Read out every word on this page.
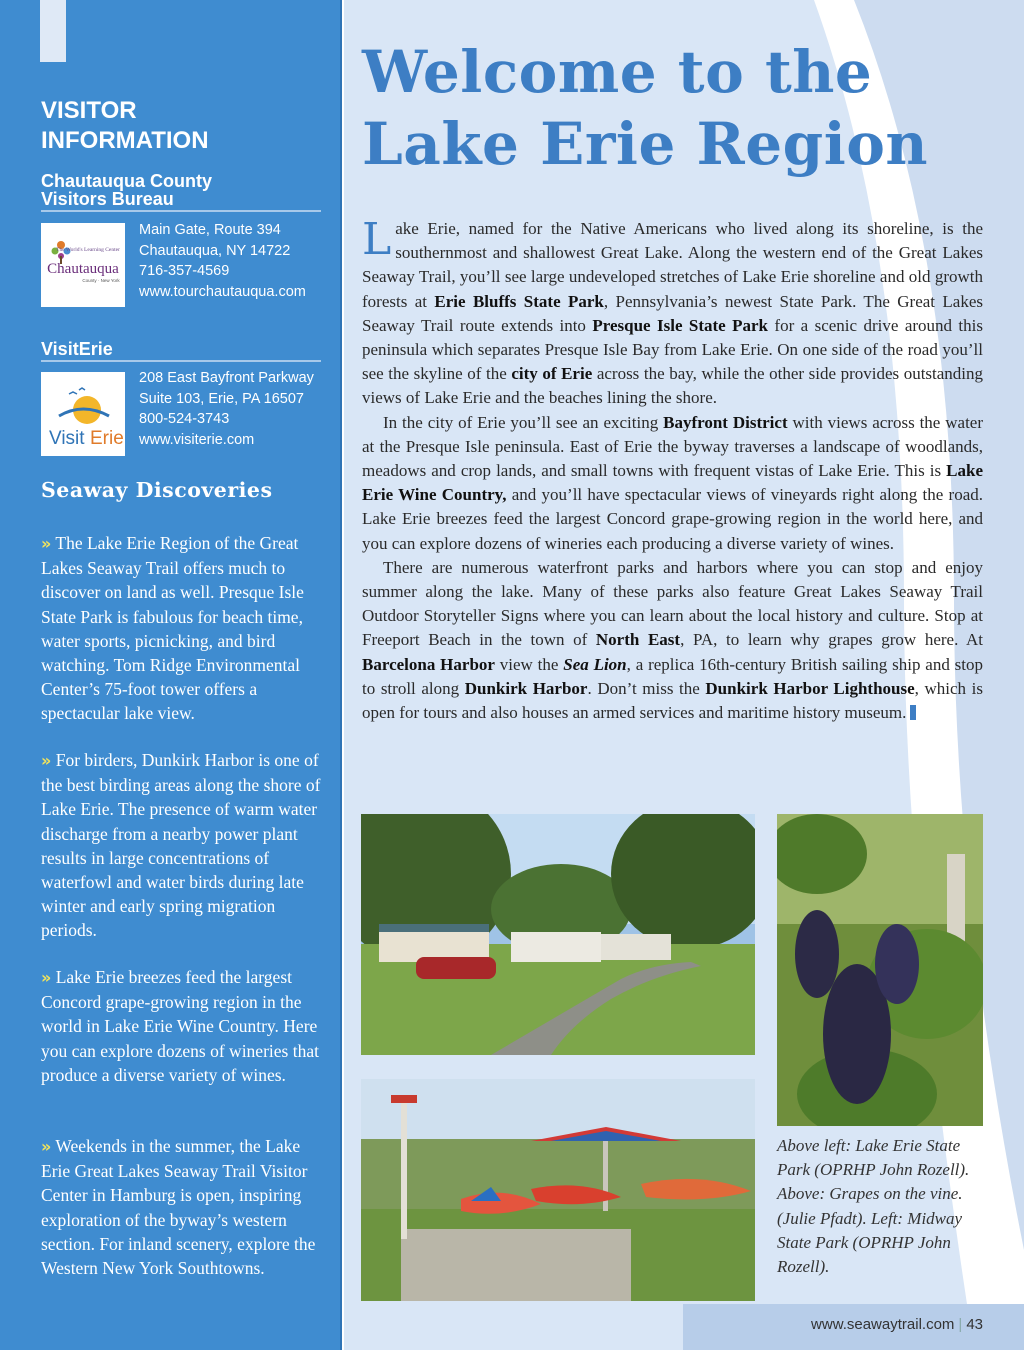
VISITOR
INFORMATION
Chautauqua County
Visitors Bureau
The World's Learning Center
Chautauqua
County · New York
Main Gate, Route 394
Chautauqua, NY 14722
716-357-4569
www.tourchautauqua.com
VisitErie
Visit Erie
208 East Bayfront Parkway
Suite 103, Erie, PA 16507
800-524-3743
www.visiterie.com
Seaway Discoveries
» The Lake Erie Region of the Great Lakes Seaway Trail offers much to discover on land as well. Presque Isle State Park is fabulous for beach time, water sports, picnicking, and bird watching. Tom Ridge Environmental Center’s 75-foot tower offers a spectacular lake view.
» For birders, Dunkirk Harbor is one of the best birding areas along the shore of Lake Erie. The presence of warm water discharge from a nearby power plant results in large concentrations of waterfowl and water birds during late winter and early spring migration periods.
» Lake Erie breezes feed the largest Concord grape-growing region in the world in Lake Erie Wine Country. Here you can explore dozens of wineries that produce a diverse variety of wines.
» Weekends in the summer, the Lake Erie Great Lakes Seaway Trail Visitor Center in Hamburg is open, inspiring exploration of the byway’s western section. For inland scenery, explore the Western New York Southtowns.
Welcome to the
Lake Erie Region

Lake Erie, named for the Native Americans who lived along its shoreline, is the southernmost and shallowest Great Lake. Along the western end of the Great Lakes Seaway Trail, you’ll see large undeveloped stretches of Lake Erie shoreline and old growth forests at Erie Bluffs State Park, Pennsylvania’s newest State Park. The Great Lakes Seaway Trail route extends into Presque Isle State Park for a scenic drive around this peninsula which separates Presque Isle Bay from Lake Erie. On one side of the road you’ll see the skyline of the city of Erie across the bay, while the other side provides outstanding views of Lake Erie and the beaches lining the shore.

In the city of Erie you’ll see an exciting Bayfront District with views across the water at the Presque Isle peninsula. East of Erie the byway traverses a landscape of woodlands, meadows and crop lands, and small towns with frequent vistas of Lake Erie. This is Lake Erie Wine Country, and you’ll have spectacular views of vineyards right along the road. Lake Erie breezes feed the largest Concord grape-growing region in the world here, and you can explore dozens of wineries each producing a diverse variety of wines.

There are numerous waterfront parks and harbors where you can stop and enjoy summer along the lake. Many of these parks also feature Great Lakes Seaway Trail Outdoor Storyteller Signs where you can learn about the local history and culture. Stop at Freeport Beach in the town of North East, PA, to learn why grapes grow here. At Barcelona Harbor view the Sea Lion, a replica 16th-century British sailing ship and stop to stroll along Dunkirk Harbor. Don’t miss the Dunkirk Harbor Lighthouse, which is open for tours and also houses an armed services and maritime history museum.

Above left: Lake Erie State Park (OPRHP John Rozell). Above: Grapes on the vine. (Julie Pfadt). Left: Midway State Park (OPRHP John Rozell).
www.seawaytrail.com | 43
